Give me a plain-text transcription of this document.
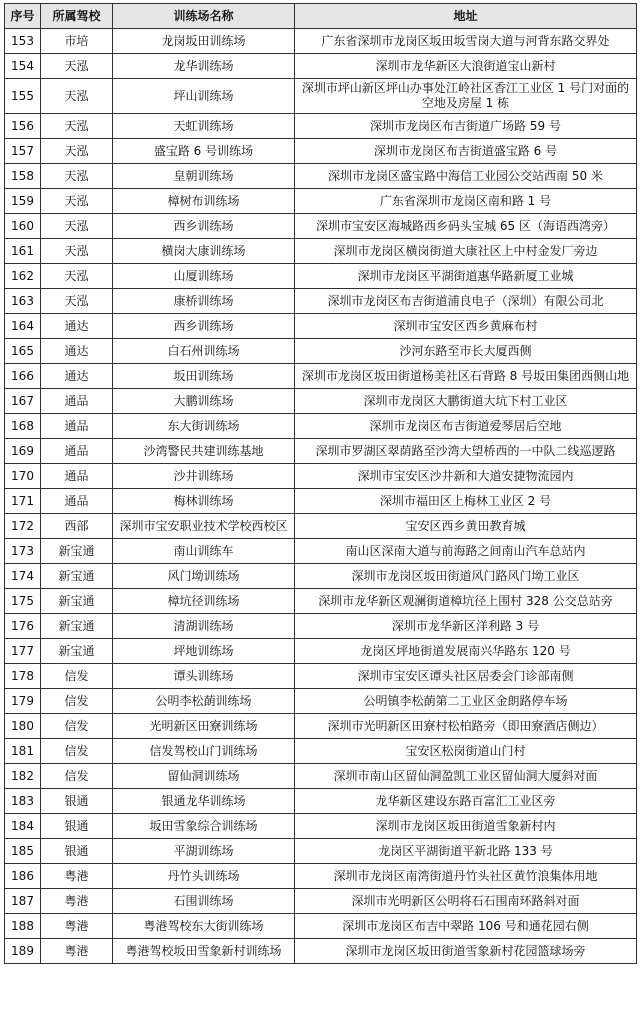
序号	所属驾校	训练场名称	地址
153	市培	龙岗坂田训练场	广东省深圳市龙岗区坂田坂雪岗大道与河背东路交界处
154	天泓	龙华训练场	深圳市龙华新区大浪街道宝山新村
155	天泓	坪山训练场	深圳市坪山新区坪山办事处江岭社区香江工业区 1 号门对面的空地及房屋 1 栋
156	天泓	天虹训练场	深圳市龙岗区布吉街道广场路 59 号
157	天泓	盛宝路 6 号训练场	深圳市龙岗区布吉街道盛宝路 6 号
158	天泓	皇朝训练场	深圳市龙岗区盛宝路中海信工业园公交站西南 50 米
159	天泓	樟树布训练场	广东省深圳市龙岗区南和路 1 号
160	天泓	西乡训练场	深圳市宝安区海城路西乡码头宝城 65 区（海语西湾旁）
161	天泓	横岗大康训练场	深圳市龙岗区横岗街道大康社区上中村金发厂旁边
162	天泓	山厦训练场	深圳市龙岗区平湖街道惠华路新厦工业城
163	天泓	康桥训练场	深圳市龙岗区布吉街道浦良电子（深圳）有限公司北
164	通达	西乡训练场	深圳市宝安区西乡黄麻布村
165	通达	白石州训练场	沙河东路至市长大厦西侧
166	通达	坂田训练场	深圳市龙岗区坂田街道杨美社区石背路 8 号坂田集团西侧山地
167	通品	大鹏训练场	深圳市龙岗区大鹏街道大坑下村工业区
168	通品	东大街训练场	深圳市龙岗区布吉街道爱琴居后空地
169	通品	沙湾警民共建训练基地	深圳市罗湖区翠荫路至沙湾大望桥西的一中队二线巡逻路
170	通品	沙井训练场	深圳市宝安区沙井新和大道安捷物流园内
171	通品	梅林训练场	深圳市福田区上梅林工业区 2 号
172	西部	深圳市宝安职业技术学校西校区	宝安区西乡黄田教育城
173	新宝通	南山训练车	南山区深南大道与前海路之间南山汽车总站内
174	新宝通	风门坳训练场	深圳市龙岗区坂田街道风门路风门坳工业区
175	新宝通	樟坑径训练场	深圳市龙华新区观澜街道樟坑径上围村 328 公交总站旁
176	新宝通	清湖训练场	深圳市龙华新区洋利路 3 号
177	新宝通	坪地训练场	龙岗区坪地街道发展南兴华路东 120 号
178	信发	谭头训练场	深圳市宝安区谭头社区居委会门诊部南侧
179	信发	公明李松蓢训练场	公明镇李松蓢第二工业区金朗路停车场
180	信发	光明新区田寮训练场	深圳市光明新区田寮村松柏路旁（即田寮酒店侧边）
181	信发	信发驾校山门训练场	宝安区松岗街道山门村
182	信发	留仙洞训练场	深圳市南山区留仙洞盈凯工业区留仙洞大厦斜对面
183	银通	银通龙华训练场	龙华新区建设东路百富汇工业区旁
184	银通	坂田雪象综合训练场	深圳市龙岗区坂田街道雪象新村内
185	银通	平湖训练场	龙岗区平湖街道平新北路 133 号
186	粤港	丹竹头训练场	深圳市龙岗区南湾街道丹竹头社区黄竹浪集体用地
187	粤港	石围训练场	深圳市光明新区公明将石石围南环路斜对面
188	粤港	粤港驾校东大街训练场	深圳市龙岗区布吉中翠路 106 号和通花园右侧
189	粤港	粤港驾校坂田雪象新村训练场	深圳市龙岗区坂田街道雪象新村花园篮球场旁
